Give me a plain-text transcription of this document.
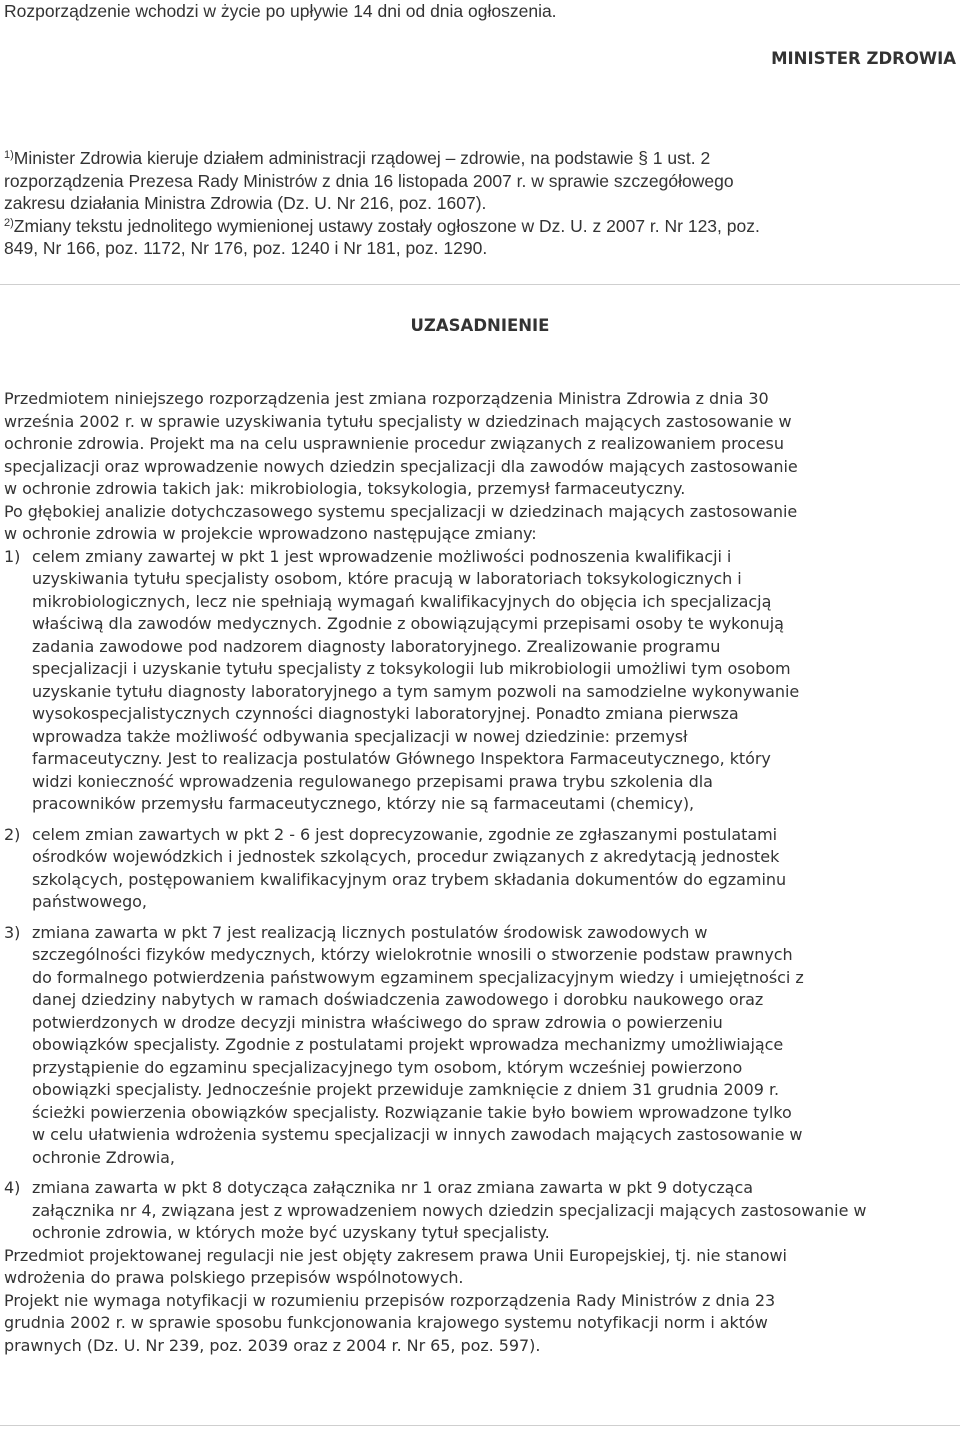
Rozporządzenie wchodzi w życie po upływie 14 dni od dnia ogłoszenia.
MINISTER ZDROWIA
$^{1)}$Minister Zdrowia kieruje działem administracji rządowej – zdrowie, na podstawie § 1 ust. 2
rozporządzenia Prezesa Rady Ministrów z dnia 16 listopada 2007 r. w sprawie szczegółowego
zakresu działania Ministra Zdrowia (Dz. U. Nr 216, poz. 1607).
$^{2)}$Zmiany tekstu jednolitego wymienionej ustawy zostały ogłoszone w Dz. U. z 2007 r. Nr 123, poz.
849, Nr 166, poz. 1172, Nr 176, poz. 1240 i Nr 181, poz. 1290.
UZASADNIENIE
Przedmiotem niniejszego rozporządzenia jest zmiana rozporządzenia Ministra Zdrowia z dnia 30
września 2002 r. w sprawie uzyskiwania tytułu specjalisty w dziedzinach mających zastosowanie w
ochronie zdrowia. Projekt ma na celu usprawnienie procedur związanych z realizowaniem procesu
specjalizacji oraz wprowadzenie nowych dziedzin specjalizacji dla zawodów mających zastosowanie
w ochronie zdrowia takich jak: mikrobiologia, toksykologia, przemysł farmaceutyczny.
Po głębokiej analizie dotychczasowego systemu specjalizacji w dziedzinach mających zastosowanie
w ochronie zdrowia w projekcie wprowadzono następujące zmiany:
1) celem zmiany zawartej w pkt 1 jest wprowadzenie możliwości podnoszenia kwalifikacji i
uzyskiwania tytułu specjalisty osobom, które pracują w laboratoriach toksykologicznych i
mikrobiologicznych, lecz nie spełniają wymagań kwalifikacyjnych do objęcia ich specjalizacją
właściwą dla zawodów medycznych. Zgodnie z obowiązującymi przepisami osoby te wykonują
zadania zawodowe pod nadzorem diagnosty laboratoryjnego. Zrealizowanie programu
specjalizacji i uzyskanie tytułu specjalisty z toksykologii lub mikrobiologii umożliwi tym osobom
uzyskanie tytułu diagnosty laboratoryjnego a tym samym pozwoli na samodzielne wykonywanie
wysokospecjalistycznych czynności diagnostyki laboratoryjnej. Ponadto zmiana pierwsza
wprowadza także możliwość odbywania specjalizacji w nowej dziedzinie: przemysł
farmaceutyczny. Jest to realizacja postulatów Głównego Inspektora Farmaceutycznego, który
widzi konieczność wprowadzenia regulowanego przepisami prawa trybu szkolenia dla
pracowników przemysłu farmaceutycznego, którzy nie są farmaceutami (chemicy),
2) celem zmian zawartych w pkt 2 - 6 jest doprecyzowanie, zgodnie ze zgłaszanymi postulatami
ośrodków wojewódzkich i jednostek szkolących, procedur związanych z akredytacją jednostek
szkolących, postępowaniem kwalifikacyjnym oraz trybem składania dokumentów do egzaminu
państwowego,
3) zmiana zawarta w pkt 7 jest realizacją licznych postulatów środowisk zawodowych w
szczególności fizyków medycznych, którzy wielokrotnie wnosili o stworzenie podstaw prawnych
do formalnego potwierdzenia państwowym egzaminem specjalizacyjnym wiedzy i umiejętności z
danej dziedziny nabytych w ramach doświadczenia zawodowego i dorobku naukowego oraz
potwierdzonych w drodze decyzji ministra właściwego do spraw zdrowia o powierzeniu
obowiązków specjalisty. Zgodnie z postulatami projekt wprowadza mechanizmy umożliwiające
przystąpienie do egzaminu specjalizacyjnego tym osobom, którym wcześniej powierzono
obowiązki specjalisty. Jednocześnie projekt przewiduje zamknięcie z dniem 31 grudnia 2009 r.
ścieżki powierzenia obowiązków specjalisty. Rozwiązanie takie było bowiem wprowadzone tylko
w celu ułatwienia wdrożenia systemu specjalizacji w innych zawodach mających zastosowanie w
ochronie Zdrowia,
4) zmiana zawarta w pkt 8 dotycząca załącznika nr 1 oraz zmiana zawarta w pkt 9 dotycząca
załącznika nr 4, związana jest z wprowadzeniem nowych dziedzin specjalizacji mających zastosowanie w
ochronie zdrowia, w których może być uzyskany tytuł specjalisty.
Przedmiot projektowanej regulacji nie jest objęty zakresem prawa Unii Europejskiej, tj. nie stanowi
wdrożenia do prawa polskiego przepisów wspólnotowych.
Projekt nie wymaga notyfikacji w rozumieniu przepisów rozporządzenia Rady Ministrów z dnia 23
grudnia 2002 r. w sprawie sposobu funkcjonowania krajowego systemu notyfikacji norm i aktów
prawnych (Dz. U. Nr 239, poz. 2039 oraz z 2004 r. Nr 65, poz. 597).
